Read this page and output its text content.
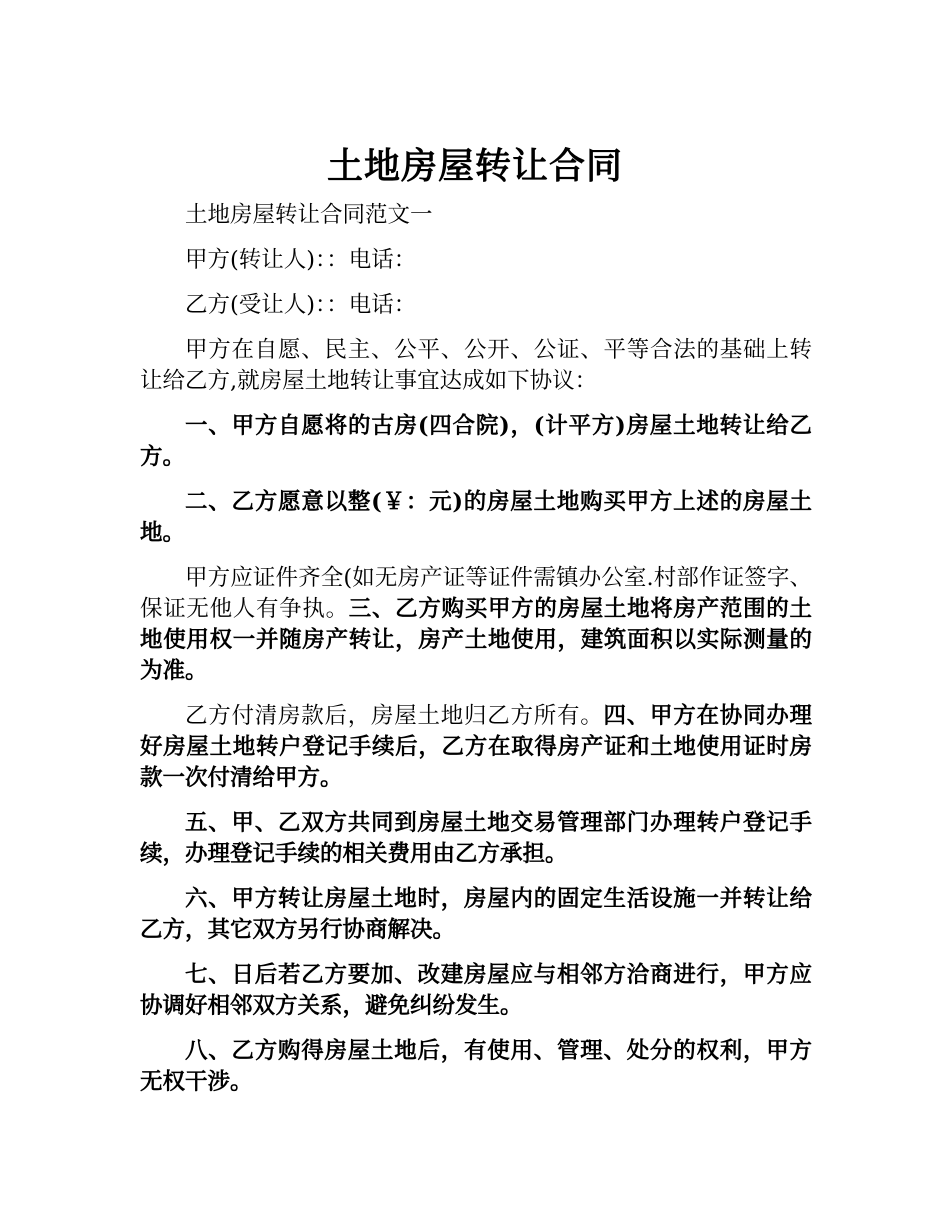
土地房屋转让合同

土地房屋转让合同范文一

甲方(转让人)：：电话：

乙方(受让人)：：电话：

甲方在自愿、民主、公平、公开、公证、平等合法的基础上转让给乙方,就房屋土地转让事宜达成如下协议：

一、甲方自愿将的古房(四合院)，(计平方)房屋土地转让给乙方。

二、乙方愿意以整(￥：元)的房屋土地购买甲方上述的房屋土地。

甲方应证件齐全(如无房产证等证件需镇办公室.村部作证签字、保证无他人有争执。三、乙方购买甲方的房屋土地将房产范围的土地使用权一并随房产转让，房产土地使用，建筑面积以实际测量的为准。

乙方付清房款后，房屋土地归乙方所有。四、甲方在协同办理好房屋土地转户登记手续后，乙方在取得房产证和土地使用证时房款一次付清给甲方。

五、甲、乙双方共同到房屋土地交易管理部门办理转户登记手续，办理登记手续的相关费用由乙方承担。

六、甲方转让房屋土地时，房屋内的固定生活设施一并转让给乙方，其它双方另行协商解决。

七、日后若乙方要加、改建房屋应与相邻方洽商进行，甲方应协调好相邻双方关系，避免纠纷发生。

八、乙方购得房屋土地后，有使用、管理、处分的权利，甲方无权干涉。
